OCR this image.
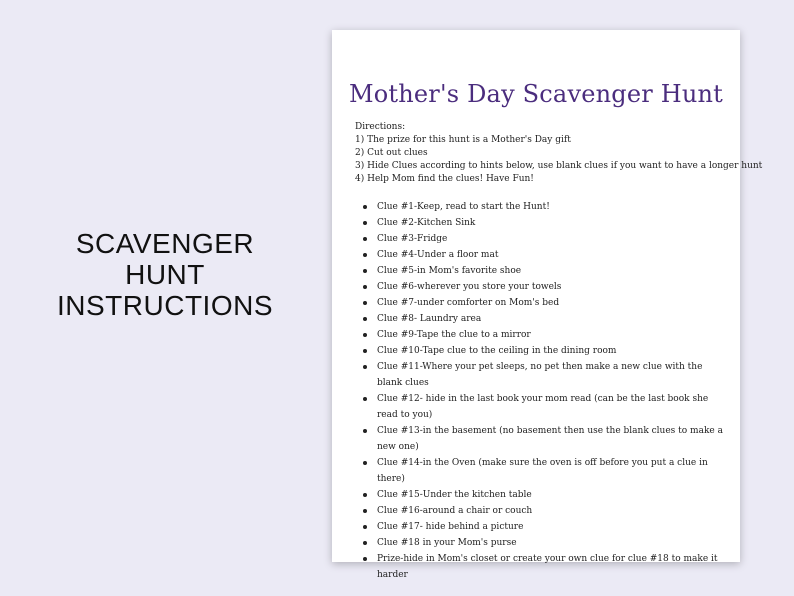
SCAVENGER
HUNT
INSTRUCTIONS
Mother's Day Scavenger Hunt
Directions:
1) The prize for this hunt is a Mother's Day gift
2) Cut out clues
3) Hide Clues according to hints below, use blank clues if you want to have a longer hunt
4) Help Mom find the clues! Have Fun!
Clue #1-Keep, read to start the Hunt!
Clue #2-Kitchen Sink
Clue #3-Fridge
Clue #4-Under a floor mat
Clue #5-in Mom's favorite shoe
Clue #6-wherever you store your towels
Clue #7-under comforter on Mom's bed
Clue #8- Laundry area
Clue #9-Tape the clue to a mirror
Clue #10-Tape clue to the ceiling in the dining room
Clue #11-Where your pet sleeps, no pet then make a new clue with the blank clues
Clue #12- hide in the last book your mom read (can be the last book she read to you)
Clue #13-in the basement (no basement then use the blank clues to make a new one)
Clue #14-in the Oven (make sure the oven is off before you put a clue in there)
Clue #15-Under the kitchen table
Clue #16-around a chair or couch
Clue #17- hide behind a picture
Clue #18 in your Mom's purse
Prize-hide in Mom's closet or create your own clue for clue #18 to make it harder
